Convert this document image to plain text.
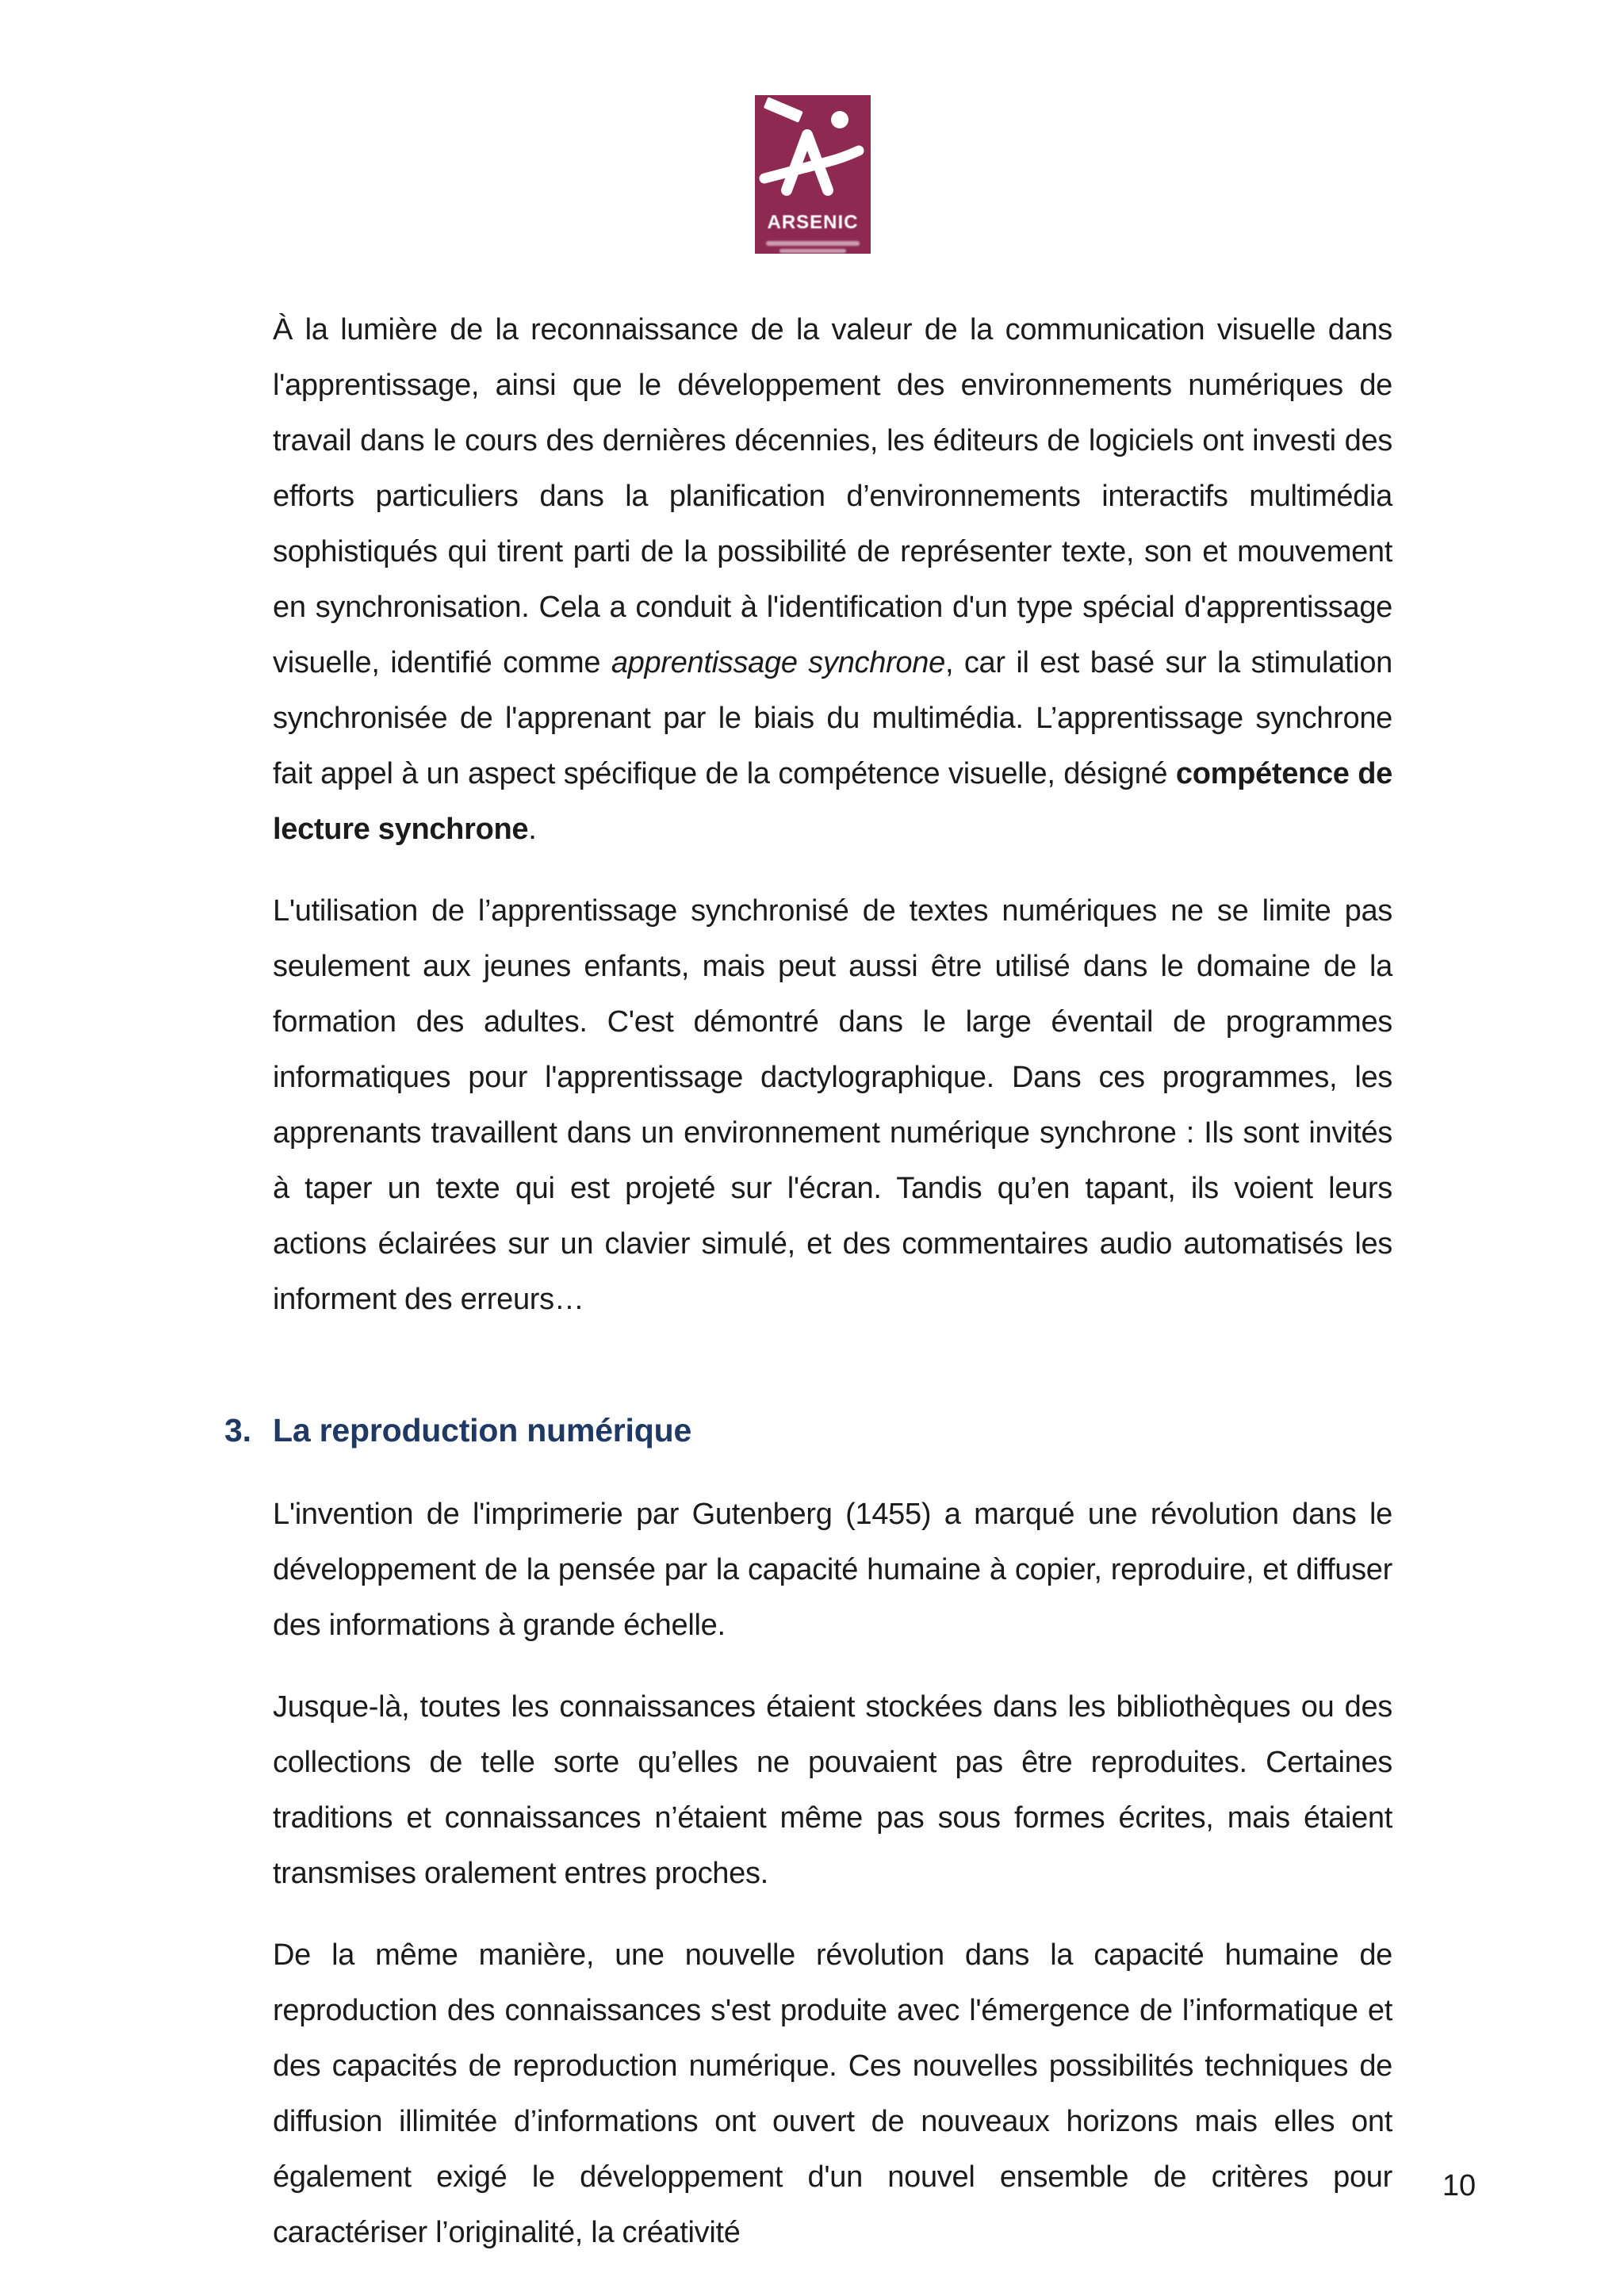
ARSENIC

À la lumière de la reconnaissance de la valeur de la communication visuelle dans l'apprentissage, ainsi que le développement des environnements numériques de travail dans le cours des dernières décennies, les éditeurs de logiciels ont investi des efforts particuliers dans la planification d’environnements interactifs multimédia sophistiqués qui tirent parti de la possibilité de représenter texte, son et mouvement en synchronisation. Cela a conduit à l'identification d'un type spécial d'apprentissage visuelle, identifié comme apprentissage synchrone, car il est basé sur la stimulation synchronisée de l'apprenant par le biais du multimédia. L’apprentissage synchrone fait appel à un aspect spécifique de la compétence visuelle, désigné compétence de lecture synchrone.

L'utilisation de l’apprentissage synchronisé de textes numériques ne se limite pas seulement aux jeunes enfants, mais peut aussi être utilisé dans le domaine de la formation des adultes. C'est démontré dans le large éventail de programmes informatiques pour l'apprentissage dactylographique. Dans ces programmes, les apprenants travaillent dans un environnement numérique synchrone : Ils sont invités à taper un texte qui est projeté sur l'écran. Tandis qu’en tapant, ils voient leurs actions éclairées sur un clavier simulé, et des commentaires audio automatisés les informent des erreurs…

3. La reproduction numérique

L'invention de l'imprimerie par Gutenberg (1455) a marqué une révolution dans le développement de la pensée par la capacité humaine à copier, reproduire, et diffuser des informations à grande échelle.

Jusque-là, toutes les connaissances étaient stockées dans les bibliothèques ou des collections de telle sorte qu’elles ne pouvaient pas être reproduites. Certaines traditions et connaissances n’étaient même pas sous formes écrites, mais étaient transmises oralement entres proches.

De la même manière, une nouvelle révolution dans la capacité humaine de reproduction des connaissances s'est produite avec l'émergence de l’informatique et des capacités de reproduction numérique. Ces nouvelles possibilités techniques de diffusion illimitée d’informations ont ouvert de nouveaux horizons mais elles ont également exigé le développement d'un nouvel ensemble de critères pour caractériser l’originalité, la créativité

10
